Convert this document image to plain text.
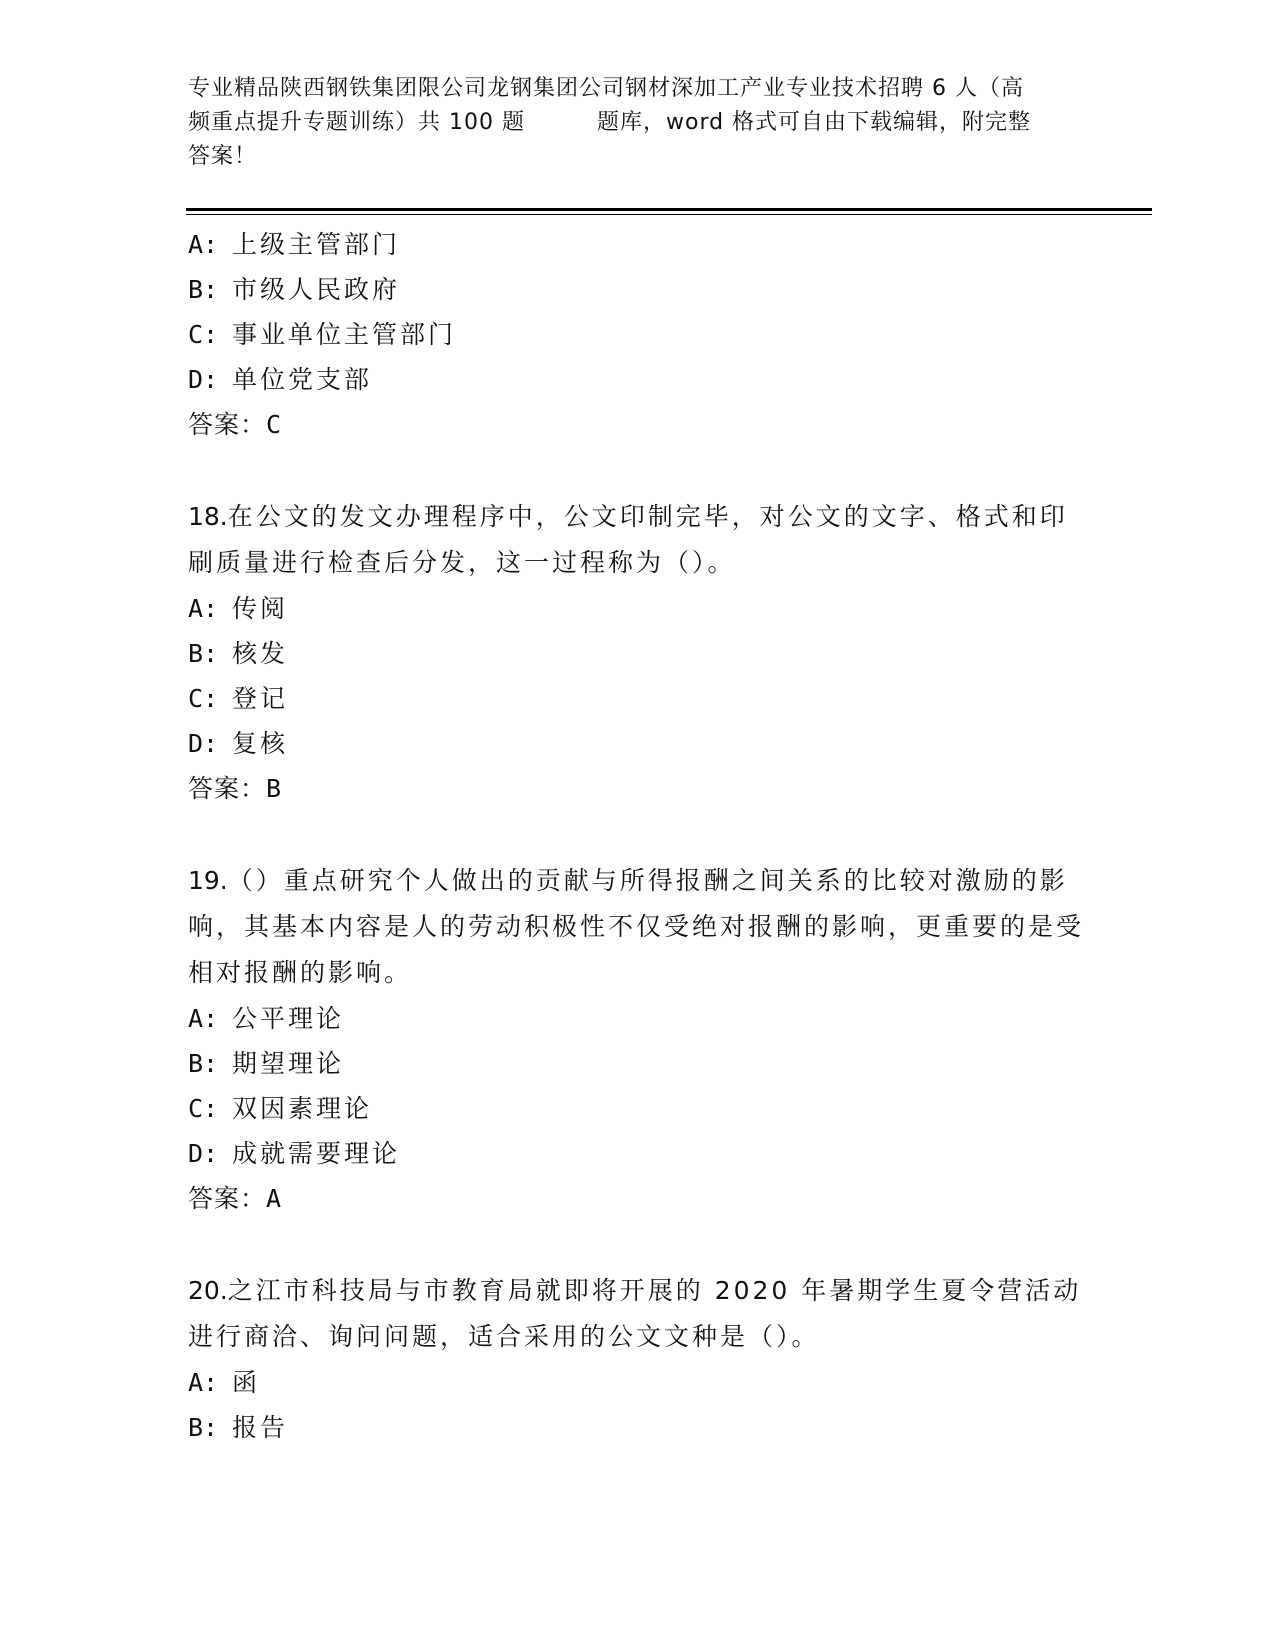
专业精品陕西钢铁集团限公司龙钢集团公司钢材深加工产业专业技术招聘 6 人（高
频重点提升专题训练）共 100 题	题库，word 格式可自由下载编辑，附完整
答案！
A: 上级主管部门
B: 市级人民政府
C: 事业单位主管部门
D: 单位党支部
答案：C
18.在公文的发文办理程序中，公文印制完毕，对公文的文字、格式和印刷质量进行检查后分发，这一过程称为（）。
A: 传阅
B: 核发
C: 登记
D: 复核
答案：B
19.（）重点研究个人做出的贡献与所得报酬之间关系的比较对激励的影响，其基本内容是人的劳动积极性不仅受绝对报酬的影响，更重要的是受相对报酬的影响。
A: 公平理论
B: 期望理论
C: 双因素理论
D: 成就需要理论
答案：A
20.之江市科技局与市教育局就即将开展的 2020 年暑期学生夏令营活动进行商洽、询问问题，适合采用的公文文种是（）。
A: 函
B: 报告
